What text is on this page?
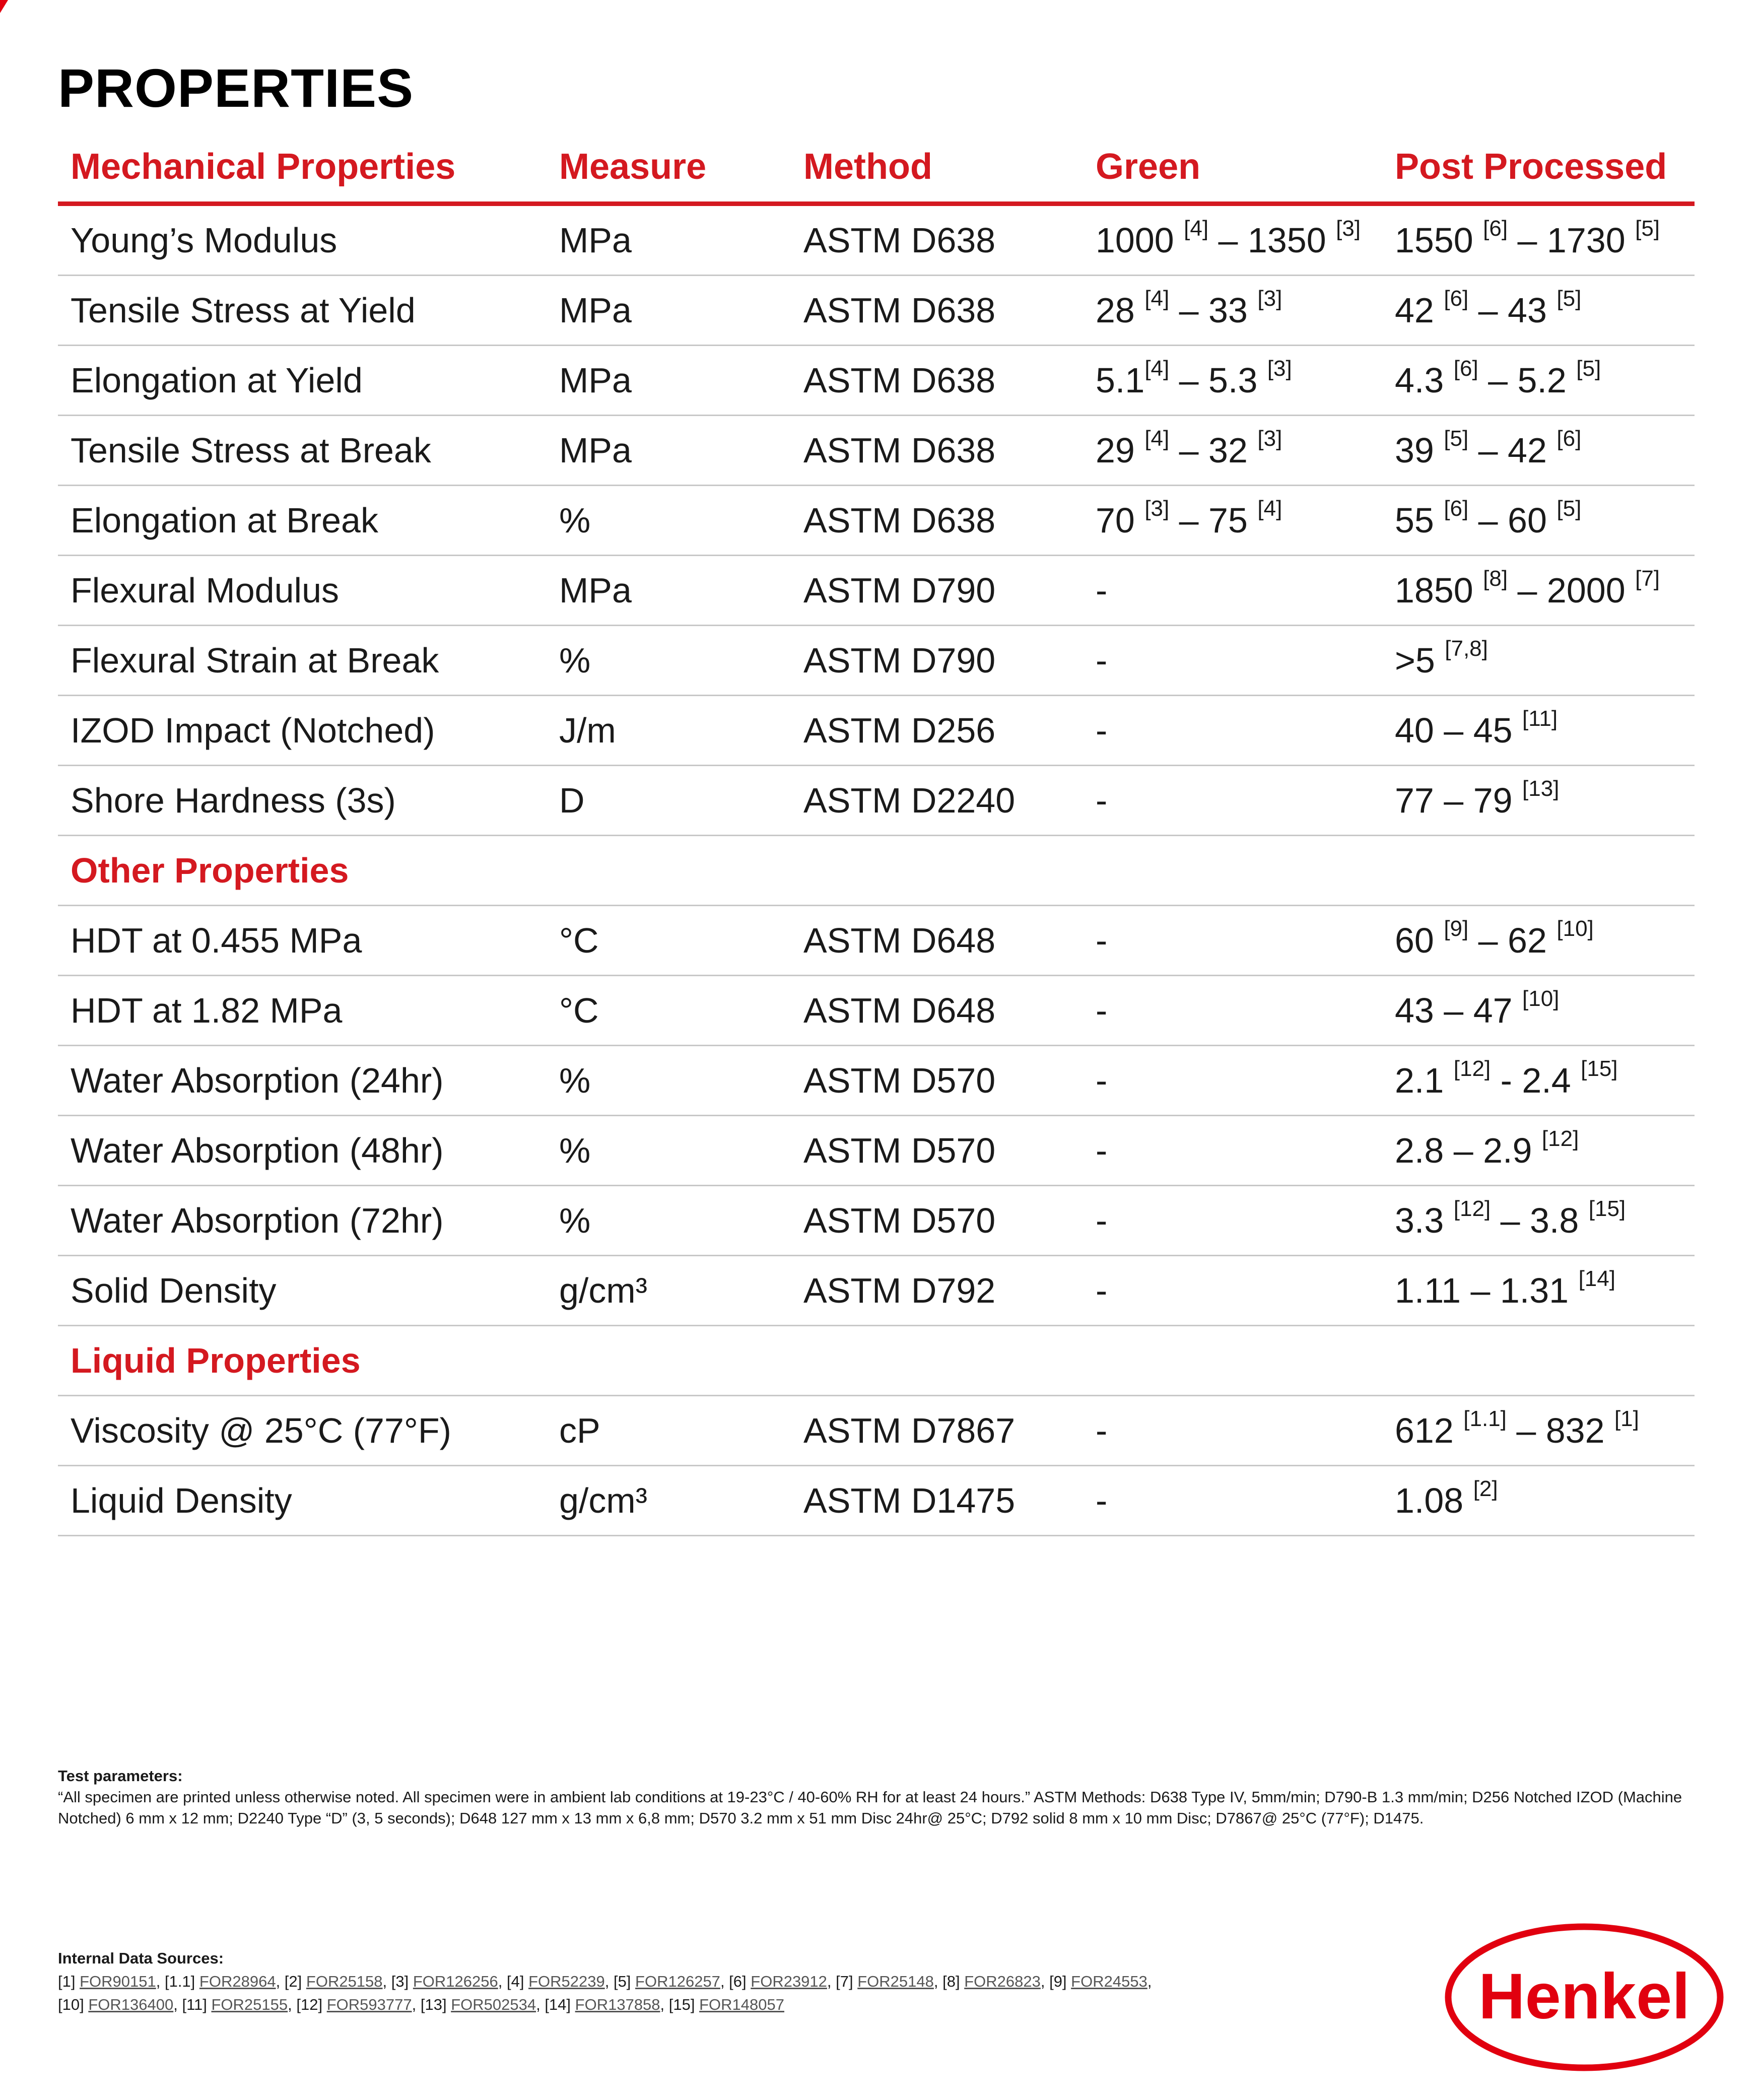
PROPERTIES
Mechanical Properties	Measure	Method	Green	Post Processed
Young’s Modulus	MPa	ASTM D638	1000 [4] – 1350 [3]	1550 [6] – 1730 [5]
Tensile Stress at Yield	MPa	ASTM D638	28 [4] – 33 [3]	42 [6] – 43 [5]
Elongation at Yield	MPa	ASTM D638	5.1[4] – 5.3 [3]	4.3 [6] – 5.2 [5]
Tensile Stress at Break	MPa	ASTM D638	29 [4] – 32 [3]	39 [5] – 42 [6]
Elongation at Break	%	ASTM D638	70 [3] – 75 [4]	55 [6] – 60 [5]
Flexural Modulus	MPa	ASTM D790	-	1850 [8] – 2000 [7]
Flexural Strain at Break	%	ASTM D790	-	>5 [7,8]
IZOD Impact (Notched)	J/m	ASTM D256	-	40 – 45 [11]
Shore Hardness (3s)	D	ASTM D2240	-	77 – 79 [13]
Other Properties				
HDT at 0.455 MPa	°C	ASTM D648	-	60 [9] – 62 [10]
HDT at 1.82 MPa	°C	ASTM D648	-	43 – 47 [10]
Water Absorption (24hr)	%	ASTM D570	-	2.1 [12] - 2.4 [15]
Water Absorption (48hr)	%	ASTM D570	-	2.8 – 2.9 [12]
Water Absorption (72hr)	%	ASTM D570	-	3.3 [12] – 3.8 [15]
Solid Density	g/cm³	ASTM D792	-	1.11 – 1.31 [14]
Liquid Properties				
Viscosity @ 25°C (77°F)	cP	ASTM D7867	-	612 [1.1] – 832 [1]
Liquid Density	g/cm³	ASTM D1475	-	1.08 [2]
Test parameters:
“All specimen are printed unless otherwise noted. All specimen were in ambient lab conditions at 19-23°C / 40-60% RH for at least 24 hours.” ASTM Methods: D638 Type IV, 5mm/min; D790-B 1.3 mm/min; D256 Notched IZOD (Machine Notched) 6 mm x 12 mm; D2240 Type “D” (3, 5 seconds); D648 127 mm x 13 mm x 6,8 mm; D570 3.2 mm x 51 mm Disc 24hr@ 25°C; D792 solid 8 mm x 10 mm Disc; D7867@ 25°C (77°F); D1475.
Internal Data Sources:
[1] FOR90151, [1.1] FOR28964, [2] FOR25158, [3] FOR126256, [4] FOR52239, [5] FOR126257, [6] FOR23912, [7] FOR25148, [8] FOR26823, [9] FOR24553,
[10] FOR136400, [11] FOR25155, [12] FOR593777, [13] FOR502534, [14] FOR137858, [15] FOR148057	Henkel
